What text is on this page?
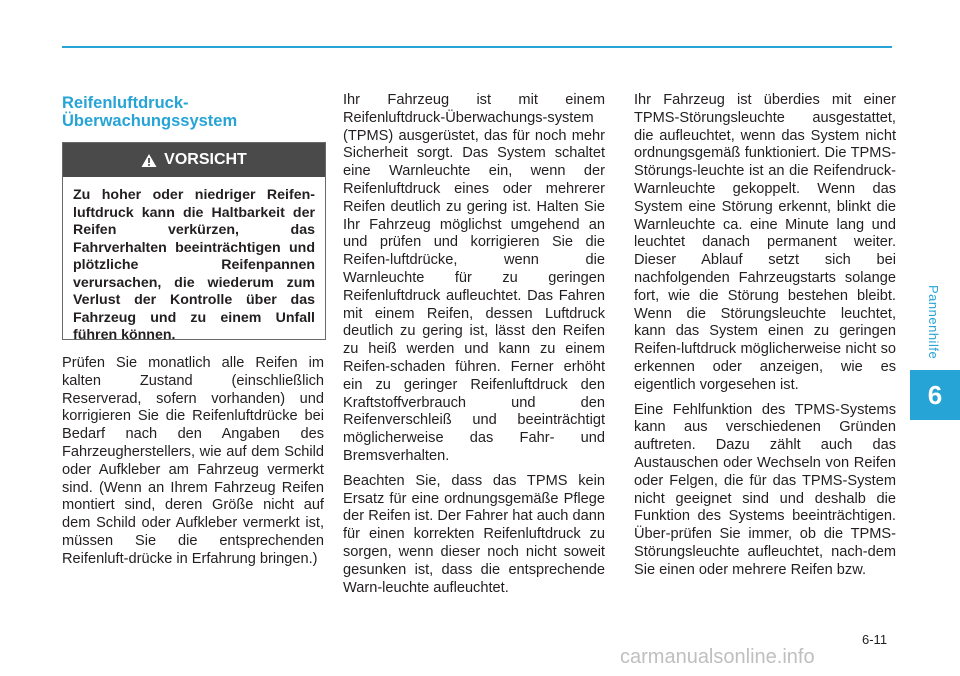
Pannenhilfe
6
Reifenluftdruck-
Überwachungssystem
VORSICHT
Zu hoher oder niedriger Reifen-luftdruck kann die Haltbarkeit der Reifen verkürzen, das Fahrverhalten beeinträchtigen und plötzliche Reifenpannen verursachen, die wiederum zum Verlust der Kontrolle über das Fahrzeug und zu einem Unfall führen können.

Prüfen Sie monatlich alle Reifen im kalten Zustand (einschließlich Reserverad, sofern vorhanden) und korrigieren Sie die Reifenluftdrücke bei Bedarf nach den Angaben des Fahrzeugherstellers, wie auf dem Schild oder Aufkleber am Fahrzeug vermerkt sind. (Wenn an Ihrem Fahrzeug Reifen montiert sind, deren Größe nicht auf dem Schild oder Aufkleber vermerkt ist, müssen Sie die entsprechenden Reifenluft-drücke in Erfahrung bringen.)

Ihr Fahrzeug ist mit einem Reifenluftdruck-Überwachungs-system (TPMS) ausgerüstet, das für noch mehr Sicherheit sorgt. Das System schaltet eine Warnleuchte ein, wenn der Reifenluftdruck eines oder mehrerer Reifen deutlich zu gering ist. Halten Sie Ihr Fahrzeug möglichst umgehend an und prüfen und korrigieren Sie die Reifen-luftdrücke, wenn die Warnleuchte für zu geringen Reifenluftdruck aufleuchtet. Das Fahren mit einem Reifen, dessen Luftdruck deutlich zu gering ist, lässt den Reifen zu heiß werden und kann zu einem Reifen-schaden führen. Ferner erhöht ein zu geringer Reifenluftdruck den Kraftstoffverbrauch und den Reifenverschleiß und beeinträchtigt möglicherweise das Fahr- und Bremsverhalten.

Beachten Sie, dass das TPMS kein Ersatz für eine ordnungsgemäße Pflege der Reifen ist. Der Fahrer hat auch dann für einen korrekten Reifenluftdruck zu sorgen, wenn dieser noch nicht soweit gesunken ist, dass die entsprechende Warn-leuchte aufleuchtet.

Ihr Fahrzeug ist überdies mit einer TPMS-Störungsleuchte ausgestattet, die aufleuchtet, wenn das System nicht ordnungsgemäß funktioniert. Die TPMS-Störungs-leuchte ist an die Reifendruck-Warnleuchte gekoppelt. Wenn das System eine Störung erkennt, blinkt die Warnleuchte ca. eine Minute lang und leuchtet danach permanent weiter. Dieser Ablauf setzt sich bei nachfolgenden Fahrzeugstarts solange fort, wie die Störung bestehen bleibt. Wenn die Störungsleuchte leuchtet, kann das System einen zu geringen Reifen-luftdruck möglicherweise nicht so erkennen oder anzeigen, wie es eigentlich vorgesehen ist.

Eine Fehlfunktion des TPMS-Systems kann aus verschiedenen Gründen auftreten. Dazu zählt auch das Austauschen oder Wechseln von Reifen oder Felgen, die für das TPMS-System nicht geeignet sind und deshalb die Funktion des Systems beeinträchtigen. Über-prüfen Sie immer, ob die TPMS-Störungsleuchte aufleuchtet, nach-dem Sie einen oder mehrere Reifen bzw.

6-11
carmanualsonline.info
